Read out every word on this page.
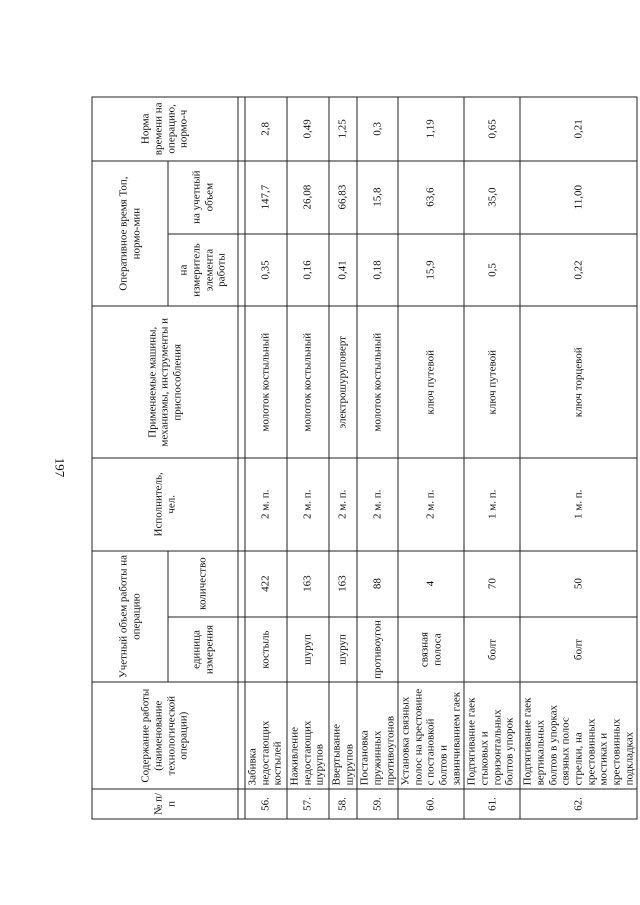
197
№ п/п	Содержание работы (наименование технологической операции)	Учетный объем работы на операцию		Исполнитель, чел.	Применяемые машины, механизмы, инструменты и приспособления	Оперативное время Топ, нормо-мин		Норма времени на операцию, нормо-ч
		единица измерения	количество			на измеритель элемента работы	на учетный объем	

56.	Забивка недостающих костылей	костыль	422	2 м. п.	молоток костыльный	0,35	147,7	2,8
57.	Наживление недостающих шурупов	шуруп	163	2 м. п.	молоток костыльный	0,16	26,08	0,49
58.	Ввертывание шурупов	шуруп	163	2 м. п.	электрошуруповерт	0,41	66,83	1,25
59.	Постановка пружинных противоугонов	противоугон	88	2 м. п.	молоток костыльный	0,18	15,8	0,3
60.	Установка связных полос на крестовине с постановкой болтов и завинчиванием гаек	связная полоса	4	2 м. п.	ключ путевой	15,9	63,6	1,19
61.	Подтягивание гаек стыковых и горизонтальных болтов упорок	болт	70	1 м. п.	ключ путевой	0,5	35,0	0,65
62.	Подтягивание гаек вертикальных болтов в упорках связных полос стрелки, на крестовинных мостиках и крестовинных подкладках	болт	50	1 м. п.	ключ торцевой	0,22	11,00	0,21
